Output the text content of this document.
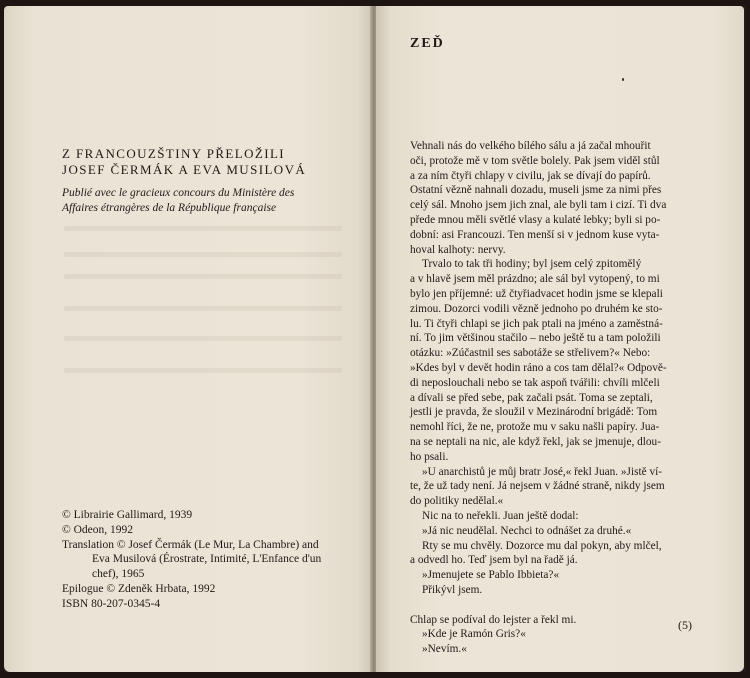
Z FRANCOUZŠTINY PŘELOŽILI
JOSEF ČERMÁK A EVA MUSILOVÁ
Publié avec le gracieux concours du Ministère des
Affaires étrangères de la République française
© Librairie Gallimard, 1939
© Odeon, 1992
Translation © Josef Čermák (Le Mur, La Chambre) and
Eva Musilová (Érostrate, Intimité, L'Enfance d'un
chef), 1965
Epilogue © Zdeněk Hrbata, 1992
ISBN 80-207-0345-4
ZEĎ
Vehnali nás do velkého bílého sálu a já začal mhouřit
oči, protože mě v tom světle bolely. Pak jsem viděl stůl
a za ním čtyři chlapy v civilu, jak se dívají do papírů.
Ostatní vězně nahnali dozadu, museli jsme za nimi přes
celý sál. Mnoho jsem jich znal, ale byli tam i cizí. Ti dva
přede mnou měli světlé vlasy a kulaté lebky; byli si po-
dobní: asi Francouzi. Ten menší si v jednom kuse vyta-
hoval kalhoty: nervy.
Trvalo to tak tři hodiny; byl jsem celý zpitomělý
a v hlavě jsem měl prázdno; ale sál byl vytopený, to mi
bylo jen příjemné: už čtyřiadvacet hodin jsme se klepali
zimou. Dozorci vodili vězně jednoho po druhém ke sto-
lu. Ti čtyři chlapi se jich pak ptali na jméno a zaměstná-
ní. To jim většinou stačilo – nebo ještě tu a tam položili
otázku: »Zúčastnil ses sabotáže se střelivem?« Nebo:
»Kdes byl v devět hodin ráno a cos tam dělal?« Odpově-
di neposlouchali nebo se tak aspoň tvářili: chvíli mlčeli
a dívali se před sebe, pak začali psát. Toma se zeptali,
jestli je pravda, že sloužil v Mezinárodní brigádě: Tom
nemohl říci, že ne, protože mu v saku našli papíry. Jua-
na se neptali na nic, ale když řekl, jak se jmenuje, dlou-
ho psali.
»U anarchistů je můj bratr José,« řekl Juan. »Jistě ví-
te, že už tady není. Já nejsem v žádné straně, nikdy jsem
do politiky nedělal.«
Nic na to neřekli. Juan ještě dodal:
»Já nic neudělal. Nechci to odnášet za druhé.«
Rty se mu chvěly. Dozorce mu dal pokyn, aby mlčel,
a odvedl ho. Teď jsem byl na řadě já.
»Jmenujete se Pablo Ibbieta?«
Přikývl jsem.
Chlap se podíval do lejster a řekl mi.
»Kde je Ramón Gris?«
»Nevím.«
(5)
